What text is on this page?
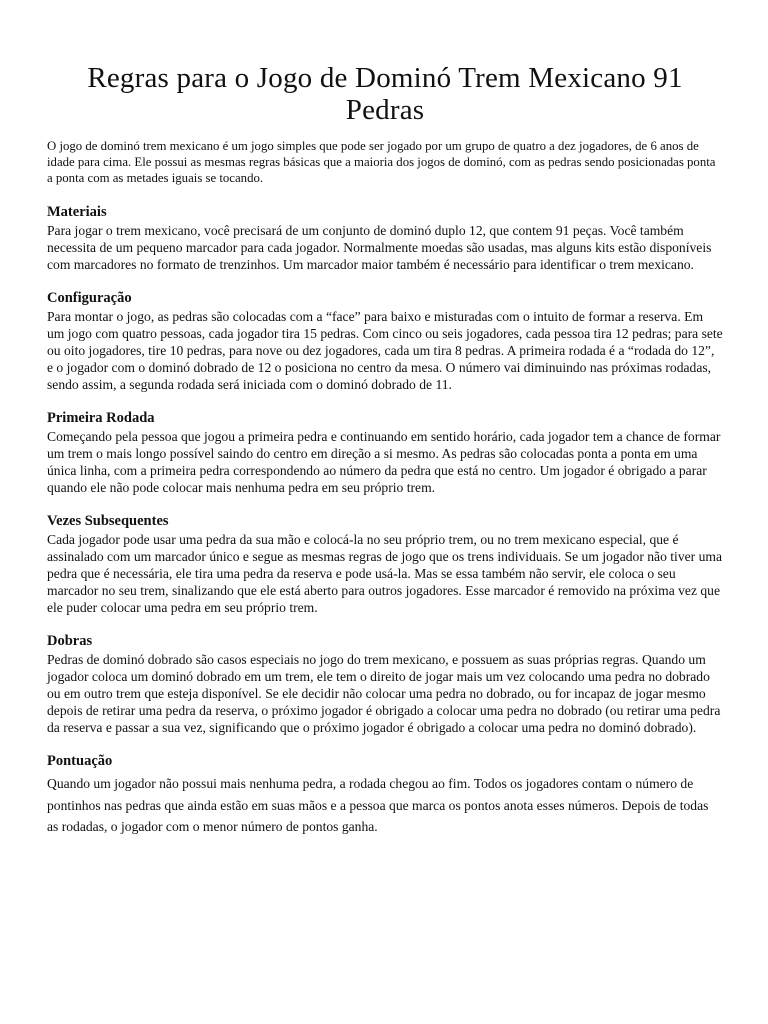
Regras para o Jogo de Dominó Trem Mexicano 91 Pedras

O jogo de dominó trem mexicano é um jogo simples que pode ser jogado por um grupo de quatro a dez jogadores, de 6 anos de idade para cima. Ele possui as mesmas regras básicas que a maioria dos jogos de dominó, com as pedras sendo posicionadas ponta a ponta com as metades iguais se tocando.

Materiais

Para jogar o trem mexicano, você precisará de um conjunto de dominó duplo 12, que contem 91 peças. Você também necessita de um pequeno marcador para cada jogador. Normalmente moedas são usadas, mas alguns kits estão disponíveis com marcadores no formato de trenzinhos. Um marcador maior também é necessário para identificar o trem mexicano.

Configuração

Para montar o jogo, as pedras são colocadas com a “face” para baixo e misturadas com o intuito de formar a reserva. Em um jogo com quatro pessoas, cada jogador tira 15 pedras. Com cinco ou seis jogadores, cada pessoa tira 12 pedras; para sete ou oito jogadores, tire 10 pedras, para nove ou dez jogadores, cada um tira 8 pedras. A primeira rodada é a “rodada do 12”, e o jogador com o dominó dobrado de 12 o posiciona no centro da mesa. O número vai diminuindo nas próximas rodadas, sendo assim, a segunda rodada será iniciada com o dominó dobrado de 11.

Primeira Rodada

Começando pela pessoa que jogou a primeira pedra e continuando em sentido horário, cada jogador tem a chance de formar um trem o mais longo possível saindo do centro em direção a si mesmo. As pedras são colocadas ponta a ponta em uma única linha, com a primeira pedra correspondendo ao número da pedra que está no centro. Um jogador é obrigado a parar quando ele não pode colocar mais nenhuma pedra em seu próprio trem.

Vezes Subsequentes

Cada jogador pode usar uma pedra da sua mão e colocá-la no seu próprio trem, ou no trem mexicano especial, que é assinalado com um marcador único e segue as mesmas regras de jogo que os trens individuais. Se um jogador não tiver uma pedra que é necessária, ele tira uma pedra da reserva e pode usá-la. Mas se essa também não servir, ele coloca o seu marcador no seu trem, sinalizando que ele está aberto para outros jogadores. Esse marcador é removido na próxima vez que ele puder colocar uma pedra em seu próprio trem.

Dobras

Pedras de dominó dobrado são casos especiais no jogo do trem mexicano, e possuem as suas próprias regras. Quando um jogador coloca um dominó dobrado em um trem, ele tem o direito de jogar mais um vez colocando uma pedra no dobrado ou em outro trem que esteja disponível. Se ele decidir não colocar uma pedra no dobrado, ou for incapaz de jogar mesmo depois de retirar uma pedra da reserva, o próximo jogador é obrigado a colocar uma pedra no dobrado (ou retirar uma pedra da reserva e passar a sua vez, significando que o próximo jogador é obrigado a colocar uma pedra no dominó dobrado).

Pontuação

Quando um jogador não possui mais nenhuma pedra, a rodada chegou ao fim. Todos os jogadores contam o número de pontinhos nas pedras que ainda estão em suas mãos e a pessoa que marca os pontos anota esses números. Depois de todas as rodadas, o jogador com o menor número de pontos ganha.
